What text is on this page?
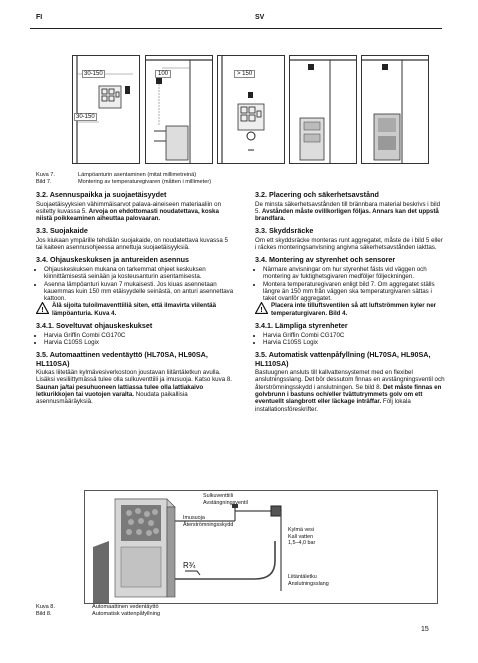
FI	SV
30-150
30-150
100	> 150
Kuva 7.	Lämpöanturin asentaminen (mitat millimetreinä)
Bild 7.	Montering av temperaturegivaren (måtten i millimeter)
3.2. Asennuspaikka ja suojaetäisyydet

Suojaetäisyyksien vähimmäisarvot palava-aineiseen materiaaliin on esitetty kuvassa 5. Arvoja on ehdottomasti noudatettava, koska niistä poikkeaminen aiheuttaa palovaaran.

3.3. Suojakaide

Jos kiukaan ympärille tehdään suojakaide, on noudatettava kuvassa 5 tai kaiteen asennusohjeessa annettuja suojaetäisyyksiä.

3.4. Ohjauskeskuksen ja antureiden asennus
• Ohjauskeskuksen mukana on tarkemmat ohjeet keskuksen kiinnittämisestä seinään ja kosteusanturin asentamisesta.
• Asenna lämpöanturi kuvan 7 mukaisesti. Jos kiuas asennetaan kauemmas kuin 150 mm etäisyydelle seinästä, on anturi asennettava kattoon.
!
Älä sijoita tuloilmaventtiiliä siten, että ilmavirta viilentää lämpöanturia. Kuva 4.
3.4.1. Soveltuvat ohjauskeskukset
• Harvia Griffin Combi CG170C
• Harvia C105S Logix
3.5. Automaattinen vedentäyttö (HL70SA, HL90SA, HL110SA)

Kiukas liitetään kylmävesiverkostoon joustavan liitäntäletkun avulla. Lisäksi vesiliittymässä tulee olla sulkuventtiili ja imusuoja. Katso kuva 8. Saunan ja/tai pesuhuoneen lattiassa tulee olla lattiakaivo letkurikkojen tai vuotojen varalta. Noudata paikallisia asennusmääräyksiä.

3.2. Placering och säkerhetsavstånd

De minsta säkerhetsavstånden till brännbara material beskrivs i bild 5. Avstånden måste ovillkorligen följas. Annars kan det uppstå brandfara.

3.3. Skyddsräcke

Om ett skyddsräcke monteras runt aggregatet, måste de i bild 5 eller i räckes monteringsanvisning angivna säkerhetsavstånden iakttas.

3.4. Montering av styrenhet och sensorer
• Närmare anvisningar om hur styrenhet fästs vid väggen och montering av fuktighetsgivaren medföljer följeckningen.
• Montera temperaturegivaren enligt bild 7. Om aggregatet ställs längre än 150 mm från väggen ska temperaturgivaren sättas i taket ovanför aggregatet.
!
Placera inte tilluftsventilen så att luftströmmen kyler ner temperaturgivaren. Bild 4.
3.4.1. Lämpliga styrenheter
• Harvia Griffin Combi CG170C
• Harvia C105S Logix
3.5. Automatisk vattenpåfyllning (HL70SA, HL90SA, HL110SA)

Bastuugnen ansluts till kallvattensystemet med en flexibel anslutningsslang. Det bör dessutom finnas en avstängningsventil och återströmningsskydd i anslutningen. Se bild 8. Det måste finnas en golvbrunn i bastuns och/eller tvättutrymmets golv om ett eventuellt slangbrott eller läckage inträffar. Följ lokala installationsföreskrifter.

Sulkuventtiili
Avstängningsventil
Imusuoja
Återströmningsskydd
Kylmä vesi
Kall vatten
1,5–4,0 bar
R¾
Liitäntäletku
Anslutningsslang
Kuva 8.	Automaattinen vedentäyttö
Bild 8.	Automatisk vattenpåfyllning
15
